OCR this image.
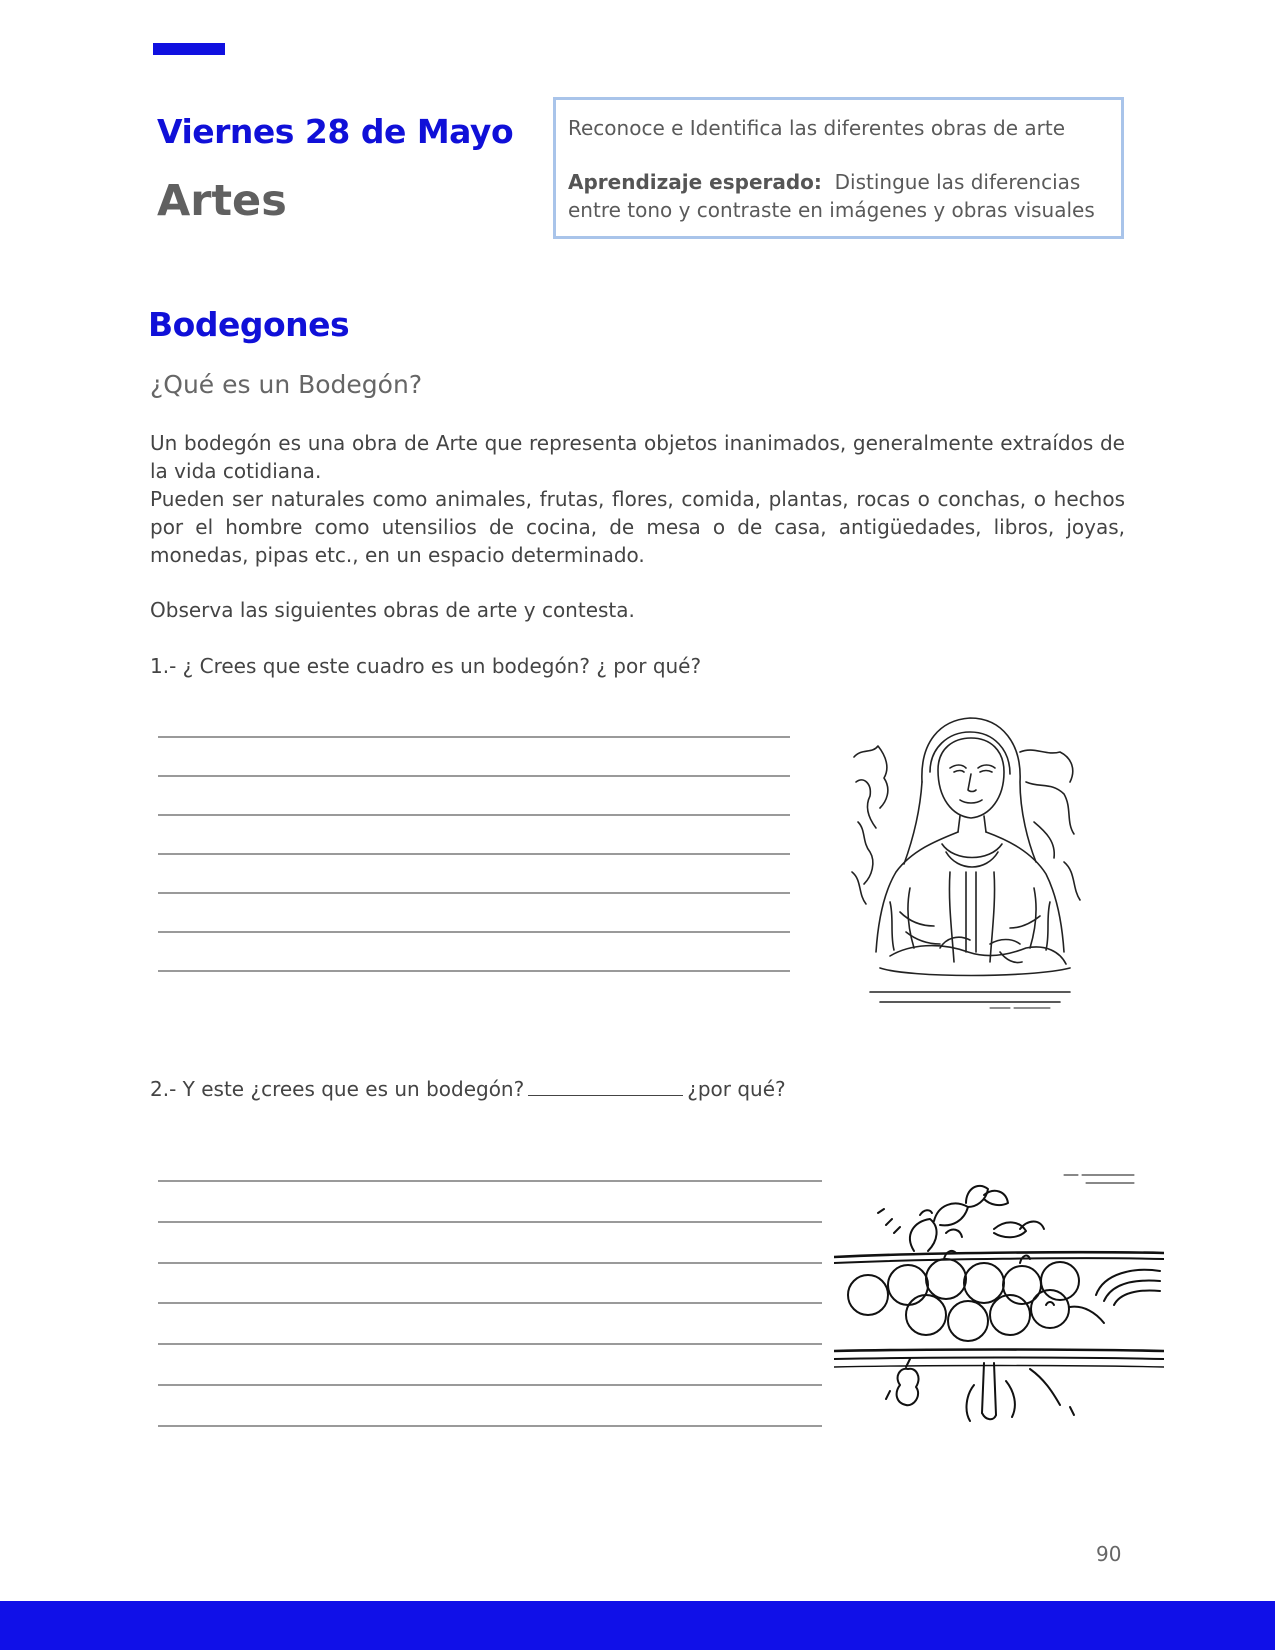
Viernes 28 de Mayo
Artes

Reconoce e Identifica las diferentes obras de arte

Aprendizaje esperado: Distingue las diferencias entre tono y contraste en imágenes y obras visuales

Bodegones
¿Qué es un Bodegón?

Un bodegón es una obra de Arte que representa objetos inanimados, generalmente extraídos de la vida cotidiana.

Pueden ser naturales como animales, frutas, flores, comida, plantas, rocas o conchas, o hechos por el hombre como utensilios de cocina, de mesa o de casa, antigüedades, libros, joyas, monedas, pipas etc., en un espacio determinado.

Observa las siguientes obras de arte y contesta.
1.- ¿ Crees que este cuadro es un bodegón? ¿ por qué?
2.- Y este ¿crees que es un bodegón?	¿por qué?
90
